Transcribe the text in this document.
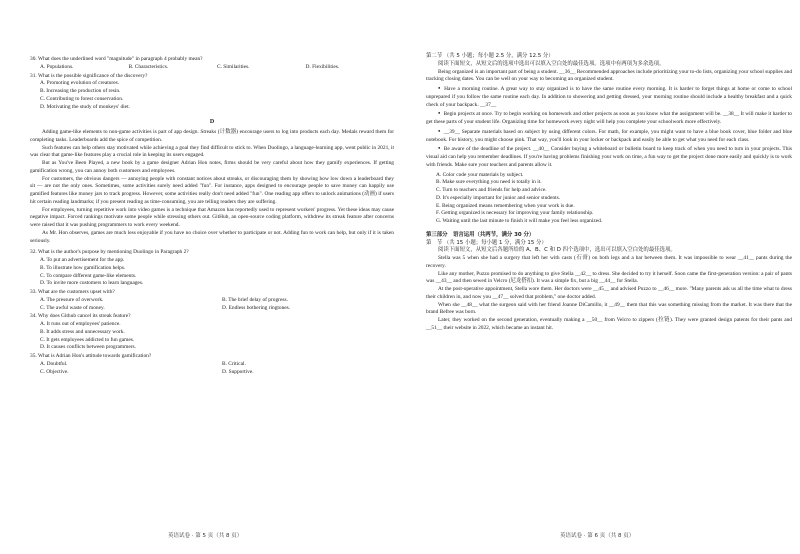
30. What does the underlined word "magnitude" in paragraph 4 probably mean?
A. Populations.	B. Characteristics.	C. Similarities.	D. Flexibilities.
31. What is the possible significance of the discovery?
A. Promoting evolution of creatures.
B. Increasing the production of resin.
C. Contributing to forest conservation.
D. Motivating the study of monkeys' diet.
D

Adding game-like elements to non-game activities is part of app design. Streaks (计数器) encourage users to log into products each day. Medals reward them for completing tasks. Leaderboards add the spice of competition.

Such features can help others stay motivated while achieving a goal they find difficult to stick to. When Duolingo, a language-learning app, went public in 2021, it was clear that game-like features play a crucial role in keeping its users engaged.

But as You've Been Played, a new book by a game designer Adrian Hon notes, firms should be very careful about how they gamify experiences. If getting gamification wrong, you can annoy both customers and employees.

For customers, the obvious dangers — annoying people with constant notices about streaks, or discouraging them by showing how low down a leaderboard they sit — are not the only ones. Sometimes, some activities surely need added "fun". For instance, apps designed to encourage people to save money can happily use gamified features like money jars to track progress. However, some activities really don't need added "fun". One reading app offers to unlock animations (动画) if users hit certain reading landmarks; if you present reading as time-consuming, you are telling readers they are suffering.

For employees, turning repetitive work into video games is a technique that Amazon has reportedly used to represent workers' progress. Yet these ideas may cause negative impact. Forced rankings motivate some people while stressing others out. GitHub, an open-source coding platform, withdrew its streak feature after concerns were raised that it was pushing programmers to work every weekend.

As Mr. Hon observes, games are much less enjoyable if you have no choice over whether to participate or not. Adding fun to work can help, but only if it is taken seriously.

32. What is the author's purpose by mentioning Duolingo in Paragraph 2?
A. To put an advertisement for the app.
B. To illustrate how gamification helps.
C. To compare different game-like elements.
D. To invite more customers to learn languages.
33. What are the customers upset with?
A. The pressure of overwork.	B. The brief delay of progress.
C. The awful waste of money.	D. Endless bothering ringtones.
34. Why does Github cancel its streak feature?
A. It runs out of employees' patience.
B. It adds stress and unnecessary work.
C. It gets employees addicted to fun games.
D. It causes conflicts between programmers.
35. What is Adrian Hon's attitude towards gamification?
A. Doubtful.	B. Critical.
C. Objective.	D. Supportive.
英语试卷 · 第 5 页（共 8 页）
第二节 （共 5 小题；每小题 2.5 分，满分 12.5 分）
阅读下面短文，从短文后的选项中选出可以填入空白处的最佳选项。选项中有两项为多余选项。

Being organized is an important part of being a student. __36__ Recommended approaches include prioritizing your to-do lists, organizing your school supplies and tracking closing dates. You can be well on your way to becoming an organized student.

● Have a morning routine. A great way to stay organized is to have the same routine every morning. It is harder to forget things at home or come to school unprepared if you follow the same routine each day. In addition to showering and getting dressed, your morning routine should include a healthy breakfast and a quick check of your backpack. __37__

● Begin projects at once. Try to begin working on homework and other projects as soon as you know what the assignment will be. __38__ It will make it harder to get these parts of your student life. Organizing time for homework every night will help you complete your schoolwork more effectively.

● __39__ Separate materials based on subject by using different colors. For math, for example, you might want to have a blue book cover, blue folder and blue notebook. For history, you might choose pink. That way, you'll look in your locker or backpack and easily be able to get what you need for each class.

● Be aware of the deadline of the project. __40__ Consider buying a whiteboard or bulletin board to keep track of when you need to turn in your projects. This visual aid can help you remember deadlines. If you're having problems finishing your work on time, a fun way to get the project done more easily and quickly is to work with friends. Make sure your teachers and parents allow it.

A. Color code your materials by subject.
B. Make sure everything you need is totally in it.
C. Turn to teachers and friends for help and advice.
D. It's especially important for junior and senior students.
E. Being organized means remembering when your work is due.
F. Getting organized is necessary for improving your family relationship.
G. Waiting until the last minute to finish it will make you feel less organized.
第三部分　语言运用（共两节，满分 30 分）
第　节 （共 15 小题；每小题 1 分，满分 15 分）
阅读下面短文，从短文后各题所给的 A、B、C 和 D 四个选项中，选出可以填入空白处的最佳选项。

Stella was 5 when she had a surgery that left her with casts (石膏) on both legs and a bar between them. It was impossible to wear __41__ pants during the recovery.

Like any mother, Puzzo promised to do anything to give Stella __42__ to dress. She decided to try it herself. Soon came the first-generation version: a pair of pants was __43__ and then sewed in Velcro (尼龙搭扣). It was a simple fix, but a big __44__ for Stella.

At the post-operative appointment, Stella wore them. Her doctors were __45__ and advised Puzzo to __46__ more. "Many parents ask us all the time what to dress their children in, and now you __47__ solved that problem," one doctor added.

When she __48__ what the surgeon said with her friend Joanne DiCamillo, it __49__ them that this was something missing from the market. It was there that the brand Befree was born.

Later, they worked on the second generation, eventually making a __50__ from Velcro to zippers (拉链). They were granted design patents for their pants and __51__ their website in 2022, which became an instant hit.

英语试卷 · 第 6 页（共 8 页）
